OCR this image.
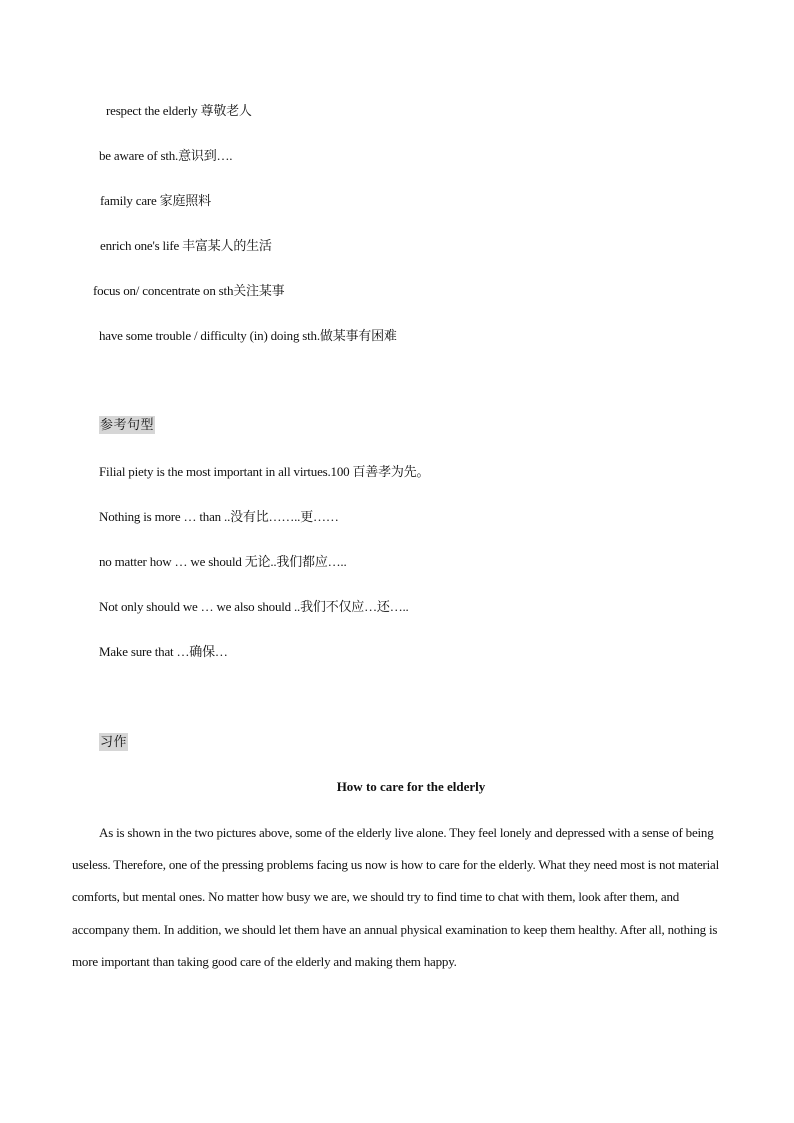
respect the elderly 尊敬老人
be aware of sth.意识到….
family care 家庭照料
enrich one's life 丰富某人的生活
focus on/ concentrate on sth关注某事
have some trouble / difficulty (in) doing sth.做某事有困难
参考句型
Filial piety is the most important in all virtues.100 百善孝为先。
Nothing is more … than ..没有比……..更……
no matter how … we should 无论..我们都应…..
Not only should we … we also should ..我们不仅应…还…..
Make sure that …确保…
习作
How to care for the elderly
As is shown in the two pictures above, some of the elderly live alone. They feel lonely and depressed with a sense of being useless. Therefore, one of the pressing problems facing us now is how to care for the elderly. What they need most is not material comforts, but mental ones. No matter how busy we are, we should try to find time to chat with them, look after them, and accompany them. In addition, we should let them have an annual physical examination to keep them healthy. After all, nothing is more important than taking good care of the elderly and making them happy.
